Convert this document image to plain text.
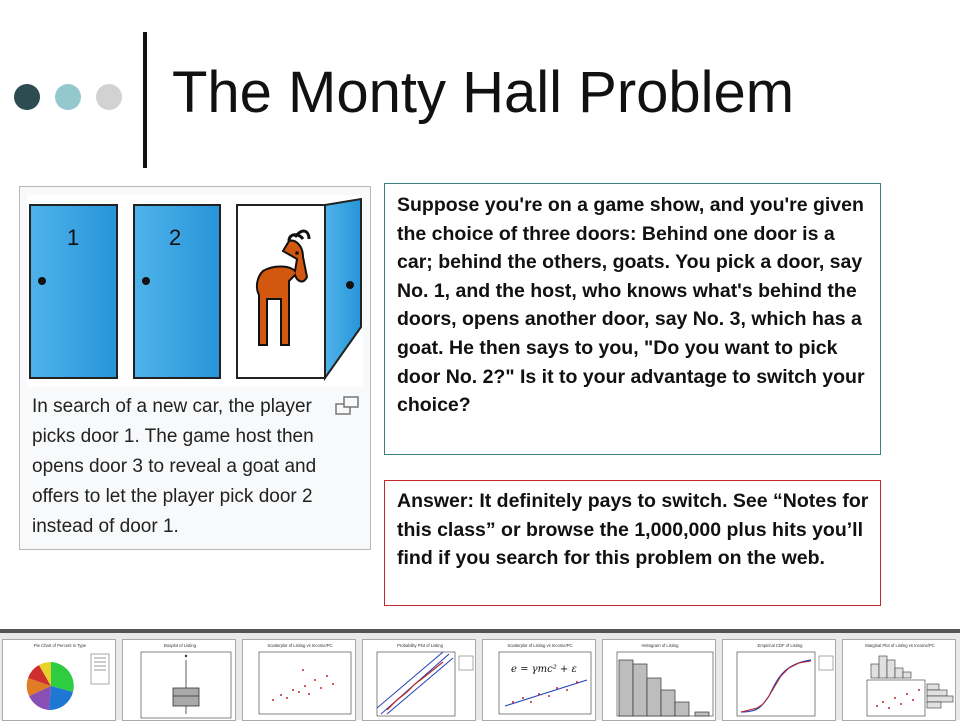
The Monty Hall Problem
1	2
In search of a new car, the player picks door 1. The game host then opens door 3 to reveal a goat and offers to let the player pick door 2 instead of door 1.

Suppose you're on a game show, and you're given the choice of three doors: Behind one door is a car; behind the others, goats. You pick a door, say No. 1, and the host, who knows what's behind the doors, opens another door, say No. 3, which has a goat. He then says to you, "Do you want to pick door No. 2?" Is it to your advantage to switch your choice?

Answer: It definitely pays to switch. See “Notes for this class” or browse the 1,000,000 plus hits you’ll find if you search for this problem on the web.

Pie Chart of Percent in Type	Boxplot of Listing	Scatterplot of Listing vs Income/PC	Probability Plot of Listing	Scatterplot of Listing vs Income/PC
e = γmc² + ε
Histogram of Listing	Empirical CDF of Listing	Marginal Plot of Listing vs Income/PC
